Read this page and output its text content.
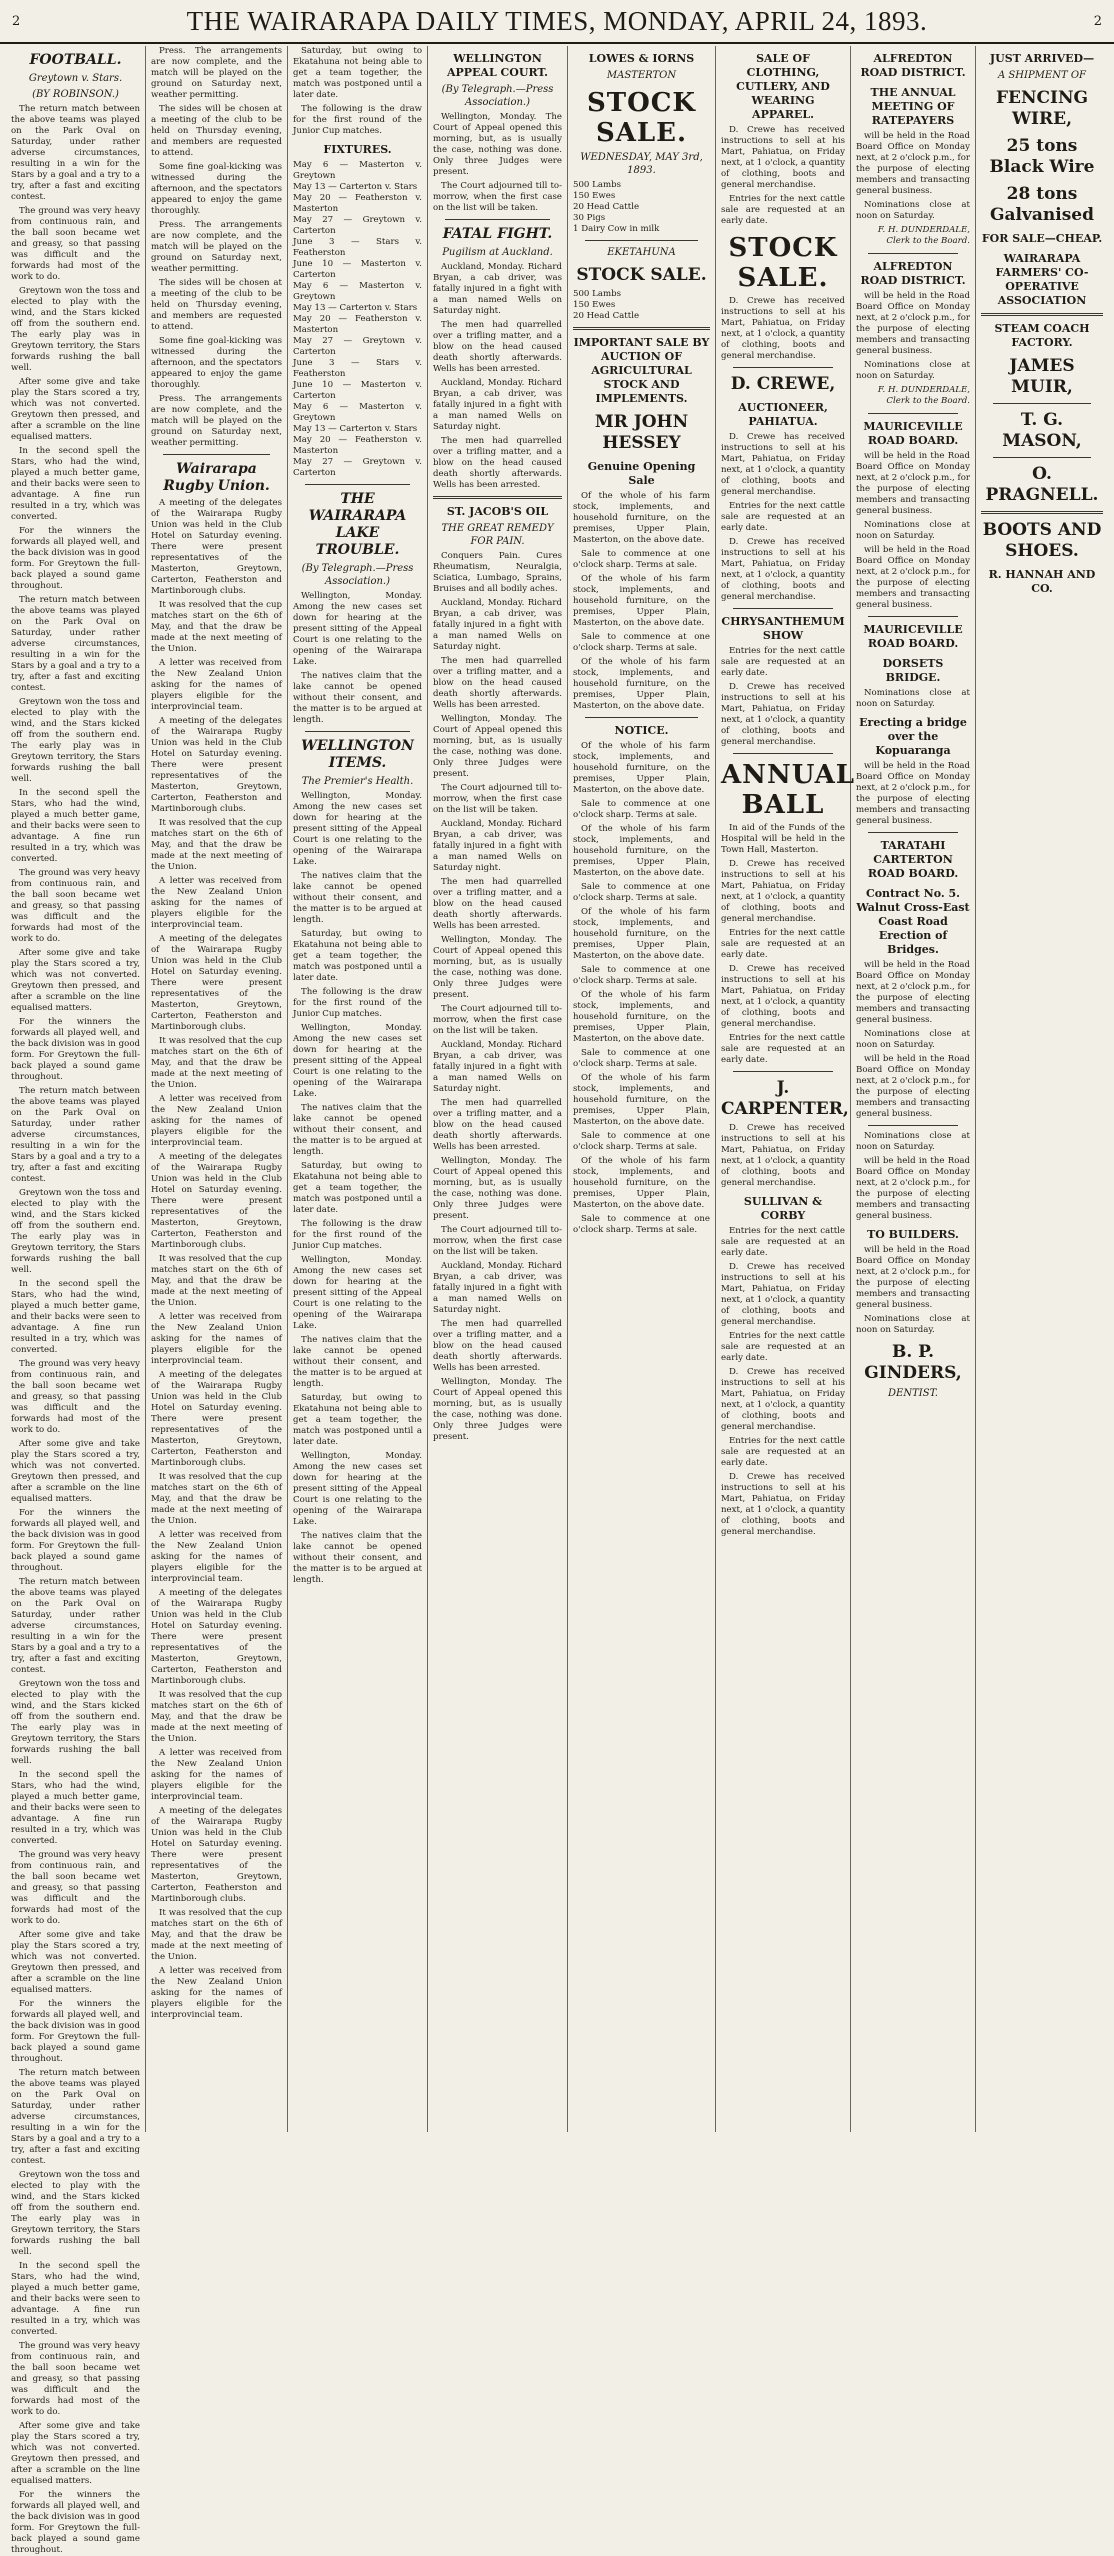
2	THE WAIRARAPA DAILY TIMES, MONDAY, APRIL 24, 1893.	2
FOOTBALL.
Greytown v. Stars.
(BY ROBINSON.)

The return match between the above teams was played on the Park Oval on Saturday, under rather adverse circumstances, resulting in a win for the Stars by a goal and a try to a try, after a fast and exciting contest.

The ground was very heavy from continuous rain, and the ball soon became wet and greasy, so that passing was difficult and the forwards had most of the work to do.

Greytown won the toss and elected to play with the wind, and the Stars kicked off from the southern end. The early play was in Greytown territory, the Stars forwards rushing the ball well.

After some give and take play the Stars scored a try, which was not converted. Greytown then pressed, and after a scramble on the line equalised matters.

In the second spell the Stars, who had the wind, played a much better game, and their backs were seen to advantage. A fine run resulted in a try, which was converted.

For the winners the forwards all played well, and the back division was in good form. For Greytown the full-back played a sound game throughout.

The return match between the above teams was played on the Park Oval on Saturday, under rather adverse circumstances, resulting in a win for the Stars by a goal and a try to a try, after a fast and exciting contest.

Greytown won the toss and elected to play with the wind, and the Stars kicked off from the southern end. The early play was in Greytown territory, the Stars forwards rushing the ball well.

In the second spell the Stars, who had the wind, played a much better game, and their backs were seen to advantage. A fine run resulted in a try, which was converted.

The ground was very heavy from continuous rain, and the ball soon became wet and greasy, so that passing was difficult and the forwards had most of the work to do.

After some give and take play the Stars scored a try, which was not converted. Greytown then pressed, and after a scramble on the line equalised matters.

For the winners the forwards all played well, and the back division was in good form. For Greytown the full-back played a sound game throughout.

The return match between the above teams was played on the Park Oval on Saturday, under rather adverse circumstances, resulting in a win for the Stars by a goal and a try to a try, after a fast and exciting contest.

Greytown won the toss and elected to play with the wind, and the Stars kicked off from the southern end. The early play was in Greytown territory, the Stars forwards rushing the ball well.

In the second spell the Stars, who had the wind, played a much better game, and their backs were seen to advantage. A fine run resulted in a try, which was converted.

The ground was very heavy from continuous rain, and the ball soon became wet and greasy, so that passing was difficult and the forwards had most of the work to do.

After some give and take play the Stars scored a try, which was not converted. Greytown then pressed, and after a scramble on the line equalised matters.

For the winners the forwards all played well, and the back division was in good form. For Greytown the full-back played a sound game throughout.

The return match between the above teams was played on the Park Oval on Saturday, under rather adverse circumstances, resulting in a win for the Stars by a goal and a try to a try, after a fast and exciting contest.

Greytown won the toss and elected to play with the wind, and the Stars kicked off from the southern end. The early play was in Greytown territory, the Stars forwards rushing the ball well.

In the second spell the Stars, who had the wind, played a much better game, and their backs were seen to advantage. A fine run resulted in a try, which was converted.

The ground was very heavy from continuous rain, and the ball soon became wet and greasy, so that passing was difficult and the forwards had most of the work to do.

After some give and take play the Stars scored a try, which was not converted. Greytown then pressed, and after a scramble on the line equalised matters.

For the winners the forwards all played well, and the back division was in good form. For Greytown the full-back played a sound game throughout.

The return match between the above teams was played on the Park Oval on Saturday, under rather adverse circumstances, resulting in a win for the Stars by a goal and a try to a try, after a fast and exciting contest.

Greytown won the toss and elected to play with the wind, and the Stars kicked off from the southern end. The early play was in Greytown territory, the Stars forwards rushing the ball well.

In the second spell the Stars, who had the wind, played a much better game, and their backs were seen to advantage. A fine run resulted in a try, which was converted.

The ground was very heavy from continuous rain, and the ball soon became wet and greasy, so that passing was difficult and the forwards had most of the work to do.

After some give and take play the Stars scored a try, which was not converted. Greytown then pressed, and after a scramble on the line equalised matters.

For the winners the forwards all played well, and the back division was in good form. For Greytown the full-back played a sound game throughout.

Press. The arrangements are now complete, and the match will be played on the ground on Saturday next, weather permitting.

The sides will be chosen at a meeting of the club to be held on Thursday evening, and members are requested to attend.

Some fine goal-kicking was witnessed during the afternoon, and the spectators appeared to enjoy the game thoroughly.

Press. The arrangements are now complete, and the match will be played on the ground on Saturday next, weather permitting.

The sides will be chosen at a meeting of the club to be held on Thursday evening, and members are requested to attend.

Some fine goal-kicking was witnessed during the afternoon, and the spectators appeared to enjoy the game thoroughly.

Press. The arrangements are now complete, and the match will be played on the ground on Saturday next, weather permitting.

Wairarapa Rugby Union.

A meeting of the delegates of the Wairarapa Rugby Union was held in the Club Hotel on Saturday evening. There were present representatives of the Masterton, Greytown, Carterton, Featherston and Martinborough clubs.

It was resolved that the cup matches start on the 6th of May, and that the draw be made at the next meeting of the Union.

A letter was received from the New Zealand Union asking for the names of players eligible for the interprovincial team.

A meeting of the delegates of the Wairarapa Rugby Union was held in the Club Hotel on Saturday evening. There were present representatives of the Masterton, Greytown, Carterton, Featherston and Martinborough clubs.

It was resolved that the cup matches start on the 6th of May, and that the draw be made at the next meeting of the Union.

A letter was received from the New Zealand Union asking for the names of players eligible for the interprovincial team.

A meeting of the delegates of the Wairarapa Rugby Union was held in the Club Hotel on Saturday evening. There were present representatives of the Masterton, Greytown, Carterton, Featherston and Martinborough clubs.

It was resolved that the cup matches start on the 6th of May, and that the draw be made at the next meeting of the Union.

A letter was received from the New Zealand Union asking for the names of players eligible for the interprovincial team.

A meeting of the delegates of the Wairarapa Rugby Union was held in the Club Hotel on Saturday evening. There were present representatives of the Masterton, Greytown, Carterton, Featherston and Martinborough clubs.

It was resolved that the cup matches start on the 6th of May, and that the draw be made at the next meeting of the Union.

A letter was received from the New Zealand Union asking for the names of players eligible for the interprovincial team.

A meeting of the delegates of the Wairarapa Rugby Union was held in the Club Hotel on Saturday evening. There were present representatives of the Masterton, Greytown, Carterton, Featherston and Martinborough clubs.

It was resolved that the cup matches start on the 6th of May, and that the draw be made at the next meeting of the Union.

A letter was received from the New Zealand Union asking for the names of players eligible for the interprovincial team.

A meeting of the delegates of the Wairarapa Rugby Union was held in the Club Hotel on Saturday evening. There were present representatives of the Masterton, Greytown, Carterton, Featherston and Martinborough clubs.

It was resolved that the cup matches start on the 6th of May, and that the draw be made at the next meeting of the Union.

A letter was received from the New Zealand Union asking for the names of players eligible for the interprovincial team.

A meeting of the delegates of the Wairarapa Rugby Union was held in the Club Hotel on Saturday evening. There were present representatives of the Masterton, Greytown, Carterton, Featherston and Martinborough clubs.

It was resolved that the cup matches start on the 6th of May, and that the draw be made at the next meeting of the Union.

A letter was received from the New Zealand Union asking for the names of players eligible for the interprovincial team.

Saturday, but owing to Ekatahuna not being able to get a team together, the match was postponed until a later date.

The following is the draw for the first round of the Junior Cup matches.

FIXTURES.
May 6 — Masterton v. Greytown
May 13 — Carterton v. Stars
May 20 — Featherston v. Masterton
May 27 — Greytown v. Carterton
June 3 — Stars v. Featherston
June 10 — Masterton v. Carterton
May 6 — Masterton v. Greytown
May 13 — Carterton v. Stars
May 20 — Featherston v. Masterton
May 27 — Greytown v. Carterton
June 3 — Stars v. Featherston
June 10 — Masterton v. Carterton
May 6 — Masterton v. Greytown
May 13 — Carterton v. Stars
May 20 — Featherston v. Masterton
May 27 — Greytown v. Carterton
THE WAIRARAPA LAKE TROUBLE.
(By Telegraph.—Press Association.)

Wellington, Monday. Among the new cases set down for hearing at the present sitting of the Appeal Court is one relating to the opening of the Wairarapa Lake.

The natives claim that the lake cannot be opened without their consent, and the matter is to be argued at length.

WELLINGTON ITEMS.
The Premier's Health.

Wellington, Monday. Among the new cases set down for hearing at the present sitting of the Appeal Court is one relating to the opening of the Wairarapa Lake.

The natives claim that the lake cannot be opened without their consent, and the matter is to be argued at length.

Saturday, but owing to Ekatahuna not being able to get a team together, the match was postponed until a later date.

The following is the draw for the first round of the Junior Cup matches.

Wellington, Monday. Among the new cases set down for hearing at the present sitting of the Appeal Court is one relating to the opening of the Wairarapa Lake.

The natives claim that the lake cannot be opened without their consent, and the matter is to be argued at length.

Saturday, but owing to Ekatahuna not being able to get a team together, the match was postponed until a later date.

The following is the draw for the first round of the Junior Cup matches.

Wellington, Monday. Among the new cases set down for hearing at the present sitting of the Appeal Court is one relating to the opening of the Wairarapa Lake.

The natives claim that the lake cannot be opened without their consent, and the matter is to be argued at length.

Saturday, but owing to Ekatahuna not being able to get a team together, the match was postponed until a later date.

Wellington, Monday. Among the new cases set down for hearing at the present sitting of the Appeal Court is one relating to the opening of the Wairarapa Lake.

The natives claim that the lake cannot be opened without their consent, and the matter is to be argued at length.

WELLINGTON APPEAL COURT.
(By Telegraph.—Press Association.)

Wellington, Monday. The Court of Appeal opened this morning, but, as is usually the case, nothing was done. Only three Judges were present.

The Court adjourned till to-morrow, when the first case on the list will be taken.

FATAL FIGHT.
Pugilism at Auckland.

Auckland, Monday. Richard Bryan, a cab driver, was fatally injured in a fight with a man named Wells on Saturday night.

The men had quarrelled over a trifling matter, and a blow on the head caused death shortly afterwards. Wells has been arrested.

Auckland, Monday. Richard Bryan, a cab driver, was fatally injured in a fight with a man named Wells on Saturday night.

The men had quarrelled over a trifling matter, and a blow on the head caused death shortly afterwards. Wells has been arrested.

ST. JACOB'S OIL
THE GREAT REMEDY FOR PAIN.

Conquers Pain. Cures Rheumatism, Neuralgia, Sciatica, Lumbago, Sprains, Bruises and all bodily aches.

Auckland, Monday. Richard Bryan, a cab driver, was fatally injured in a fight with a man named Wells on Saturday night.

The men had quarrelled over a trifling matter, and a blow on the head caused death shortly afterwards. Wells has been arrested.

Wellington, Monday. The Court of Appeal opened this morning, but, as is usually the case, nothing was done. Only three Judges were present.

The Court adjourned till to-morrow, when the first case on the list will be taken.

Auckland, Monday. Richard Bryan, a cab driver, was fatally injured in a fight with a man named Wells on Saturday night.

The men had quarrelled over a trifling matter, and a blow on the head caused death shortly afterwards. Wells has been arrested.

Wellington, Monday. The Court of Appeal opened this morning, but, as is usually the case, nothing was done. Only three Judges were present.

The Court adjourned till to-morrow, when the first case on the list will be taken.

Auckland, Monday. Richard Bryan, a cab driver, was fatally injured in a fight with a man named Wells on Saturday night.

The men had quarrelled over a trifling matter, and a blow on the head caused death shortly afterwards. Wells has been arrested.

Wellington, Monday. The Court of Appeal opened this morning, but, as is usually the case, nothing was done. Only three Judges were present.

The Court adjourned till to-morrow, when the first case on the list will be taken.

Auckland, Monday. Richard Bryan, a cab driver, was fatally injured in a fight with a man named Wells on Saturday night.

The men had quarrelled over a trifling matter, and a blow on the head caused death shortly afterwards. Wells has been arrested.

Wellington, Monday. The Court of Appeal opened this morning, but, as is usually the case, nothing was done. Only three Judges were present.

LOWES & IORNS
MASTERTON
STOCK SALE.
WEDNESDAY, MAY 3rd, 1893.
500 Lambs
150 Ewes
20 Head Cattle
30 Pigs
1 Dairy Cow in milk
EKETAHUNA
STOCK SALE.
500 Lambs
150 Ewes
20 Head Cattle
IMPORTANT SALE BY AUCTION OF AGRICULTURAL STOCK AND IMPLEMENTS.
MR JOHN HESSEY
Genuine Opening Sale

Of the whole of his farm stock, implements, and household furniture, on the premises, Upper Plain, Masterton, on the above date.

Sale to commence at one o'clock sharp. Terms at sale.

Of the whole of his farm stock, implements, and household furniture, on the premises, Upper Plain, Masterton, on the above date.

Sale to commence at one o'clock sharp. Terms at sale.

Of the whole of his farm stock, implements, and household furniture, on the premises, Upper Plain, Masterton, on the above date.

NOTICE.

Of the whole of his farm stock, implements, and household furniture, on the premises, Upper Plain, Masterton, on the above date.

Sale to commence at one o'clock sharp. Terms at sale.

Of the whole of his farm stock, implements, and household furniture, on the premises, Upper Plain, Masterton, on the above date.

Sale to commence at one o'clock sharp. Terms at sale.

Of the whole of his farm stock, implements, and household furniture, on the premises, Upper Plain, Masterton, on the above date.

Sale to commence at one o'clock sharp. Terms at sale.

Of the whole of his farm stock, implements, and household furniture, on the premises, Upper Plain, Masterton, on the above date.

Sale to commence at one o'clock sharp. Terms at sale.

Of the whole of his farm stock, implements, and household furniture, on the premises, Upper Plain, Masterton, on the above date.

Sale to commence at one o'clock sharp. Terms at sale.

Of the whole of his farm stock, implements, and household furniture, on the premises, Upper Plain, Masterton, on the above date.

Sale to commence at one o'clock sharp. Terms at sale.

SALE OF CLOTHING, CUTLERY, AND WEARING APPAREL.

D. Crewe has received instructions to sell at his Mart, Pahiatua, on Friday next, at 1 o'clock, a quantity of clothing, boots and general merchandise.

Entries for the next cattle sale are requested at an early date.

STOCK SALE.

D. Crewe has received instructions to sell at his Mart, Pahiatua, on Friday next, at 1 o'clock, a quantity of clothing, boots and general merchandise.

D. CREWE,
AUCTIONEER, PAHIATUA.

D. Crewe has received instructions to sell at his Mart, Pahiatua, on Friday next, at 1 o'clock, a quantity of clothing, boots and general merchandise.

Entries for the next cattle sale are requested at an early date.

D. Crewe has received instructions to sell at his Mart, Pahiatua, on Friday next, at 1 o'clock, a quantity of clothing, boots and general merchandise.

CHRYSANTHEMUM SHOW

Entries for the next cattle sale are requested at an early date.

D. Crewe has received instructions to sell at his Mart, Pahiatua, on Friday next, at 1 o'clock, a quantity of clothing, boots and general merchandise.

ANNUAL BALL

In aid of the Funds of the Hospital will be held in the Town Hall, Masterton.

D. Crewe has received instructions to sell at his Mart, Pahiatua, on Friday next, at 1 o'clock, a quantity of clothing, boots and general merchandise.

Entries for the next cattle sale are requested at an early date.

D. Crewe has received instructions to sell at his Mart, Pahiatua, on Friday next, at 1 o'clock, a quantity of clothing, boots and general merchandise.

Entries for the next cattle sale are requested at an early date.

J. CARPENTER,

D. Crewe has received instructions to sell at his Mart, Pahiatua, on Friday next, at 1 o'clock, a quantity of clothing, boots and general merchandise.

SULLIVAN & CORBY

Entries for the next cattle sale are requested at an early date.

D. Crewe has received instructions to sell at his Mart, Pahiatua, on Friday next, at 1 o'clock, a quantity of clothing, boots and general merchandise.

Entries for the next cattle sale are requested at an early date.

D. Crewe has received instructions to sell at his Mart, Pahiatua, on Friday next, at 1 o'clock, a quantity of clothing, boots and general merchandise.

Entries for the next cattle sale are requested at an early date.

D. Crewe has received instructions to sell at his Mart, Pahiatua, on Friday next, at 1 o'clock, a quantity of clothing, boots and general merchandise.

ALFREDTON ROAD DISTRICT.
THE ANNUAL MEETING OF RATEPAYERS

will be held in the Road Board Office on Monday next, at 2 o'clock p.m., for the purpose of electing members and transacting general business.

Nominations close at noon on Saturday.

F. H. DUNDERDALE, Clerk to the Board.
ALFREDTON ROAD DISTRICT.

will be held in the Road Board Office on Monday next, at 2 o'clock p.m., for the purpose of electing members and transacting general business.

Nominations close at noon on Saturday.

F. H. DUNDERDALE, Clerk to the Board.
MAURICEVILLE ROAD BOARD.

will be held in the Road Board Office on Monday next, at 2 o'clock p.m., for the purpose of electing members and transacting general business.

Nominations close at noon on Saturday.

will be held in the Road Board Office on Monday next, at 2 o'clock p.m., for the purpose of electing members and transacting general business.

MAURICEVILLE ROAD BOARD.
DORSETS BRIDGE.

Nominations close at noon on Saturday.

Erecting a bridge over the Kopuaranga

will be held in the Road Board Office on Monday next, at 2 o'clock p.m., for the purpose of electing members and transacting general business.

TARATAHI CARTERTON ROAD BOARD.
Contract No. 5. Walnut Cross-East Coast Road Erection of Bridges.

will be held in the Road Board Office on Monday next, at 2 o'clock p.m., for the purpose of electing members and transacting general business.

Nominations close at noon on Saturday.

will be held in the Road Board Office on Monday next, at 2 o'clock p.m., for the purpose of electing members and transacting general business.

Nominations close at noon on Saturday.

will be held in the Road Board Office on Monday next, at 2 o'clock p.m., for the purpose of electing members and transacting general business.

TO BUILDERS.

will be held in the Road Board Office on Monday next, at 2 o'clock p.m., for the purpose of electing members and transacting general business.

Nominations close at noon on Saturday.

B. P. GINDERS,
DENTIST.
JUST ARRIVED—
A SHIPMENT OF
FENCING WIRE,
25 tons Black Wire
28 tons Galvanised
FOR SALE—CHEAP.
WAIRARAPA FARMERS' CO-OPERATIVE ASSOCIATION
STEAM COACH FACTORY.
JAMES MUIR,
T. G. MASON,
O. PRAGNELL.
BOOTS AND SHOES.
R. HANNAH AND CO.
